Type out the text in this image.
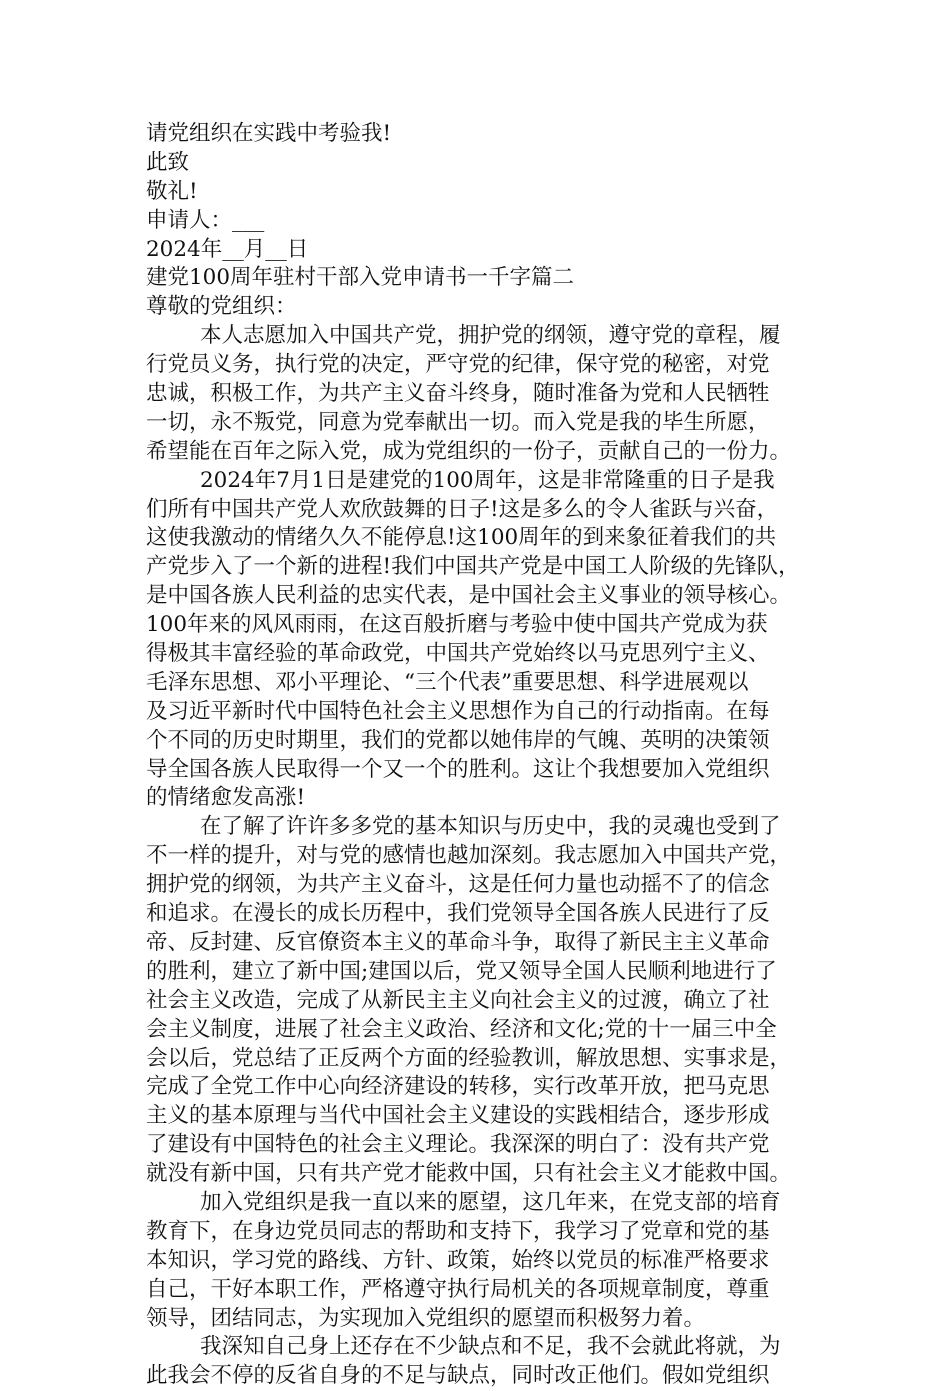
请党组织在实践中考验我!
此致
敬礼!
申请人：___
2024年__月__日
建党100周年驻村干部入党申请书一千字篇二
尊敬的党组织：
本人志愿加入中国共产党，拥护党的纲领，遵守党的章程，履
行党员义务，执行党的决定，严守党的纪律，保守党的秘密，对党
忠诚，积极工作，为共产主义奋斗终身，随时准备为党和人民牺牲
一切，永不叛党，同意为党奉献出一切。而入党是我的毕生所愿，
希望能在百年之际入党，成为党组织的一份子，贡献自己的一份力。
2024年7月1日是建党的100周年，这是非常隆重的日子是我
们所有中国共产党人欢欣鼓舞的日子!这是多么的令人雀跃与兴奋，
这使我激动的情绪久久不能停息!这100周年的到来象征着我们的共
产党步入了一个新的进程!我们中国共产党是中国工人阶级的先锋队，
是中国各族人民利益的忠实代表，是中国社会主义事业的领导核心。
100年来的风风雨雨，在这百般折磨与考验中使中国共产党成为获
得极其丰富经验的革命政党，中国共产党始终以马克思列宁主义、
毛泽东思想、邓小平理论、“三个代表”重要思想、科学进展观以
及习近平新时代中国特色社会主义思想作为自己的行动指南。在每
个不同的历史时期里，我们的党都以她伟岸的气魄、英明的决策领
导全国各族人民取得一个又一个的胜利。这让个我想要加入党组织
的情绪愈发高涨!
在了解了许许多多党的基本知识与历史中，我的灵魂也受到了
不一样的提升，对与党的感情也越加深刻。我志愿加入中国共产党，
拥护党的纲领，为共产主义奋斗，这是任何力量也动摇不了的信念
和追求。在漫长的成长历程中，我们党领导全国各族人民进行了反
帝、反封建、反官僚资本主义的革命斗争，取得了新民主主义革命
的胜利，建立了新中国;建国以后，党又领导全国人民顺利地进行了
社会主义改造，完成了从新民主主义向社会主义的过渡，确立了社
会主义制度，进展了社会主义政治、经济和文化;党的十一届三中全
会以后，党总结了正反两个方面的经验教训，解放思想、实事求是，
完成了全党工作中心向经济建设的转移，实行改革开放，把马克思
主义的基本原理与当代中国社会主义建设的实践相结合，逐步形成
了建设有中国特色的社会主义理论。我深深的明白了：没有共产党
就没有新中国，只有共产党才能救中国，只有社会主义才能救中国。
加入党组织是我一直以来的愿望，这几年来，在党支部的培育
教育下，在身边党员同志的帮助和支持下，我学习了党章和党的基
本知识，学习党的路线、方针、政策，始终以党员的标准严格要求
自己，干好本职工作，严格遵守执行局机关的各项规章制度，尊重
领导，团结同志，为实现加入党组织的愿望而积极努力着。
我深知自己身上还存在不少缺点和不足，我不会就此将就，为
此我会不停的反省自身的不足与缺点，同时改正他们。假如党组织
